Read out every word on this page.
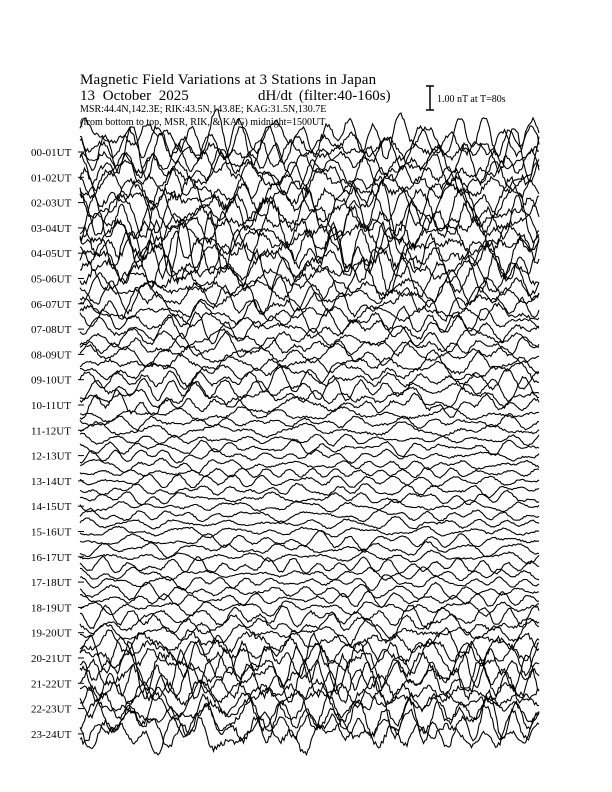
Magnetic Field Variations at 3 Stations in Japan
13 October 2025	dH/dt (filter:40-160s)
MSR:44.4N,142.3E; RIK:43.5N,143.8E; KAG:31.5N,130.7E
(from bottom to top, MSR, RIK, & KAG) midnight=1500UT
1.00 nT at T=80s
00-01UT
01-02UT
02-03UT
03-04UT
04-05UT
05-06UT
06-07UT
07-08UT
08-09UT
09-10UT
10-11UT
11-12UT
12-13UT
13-14UT
14-15UT
15-16UT
16-17UT
17-18UT
18-19UT
19-20UT
20-21UT
21-22UT
22-23UT
23-24UT
